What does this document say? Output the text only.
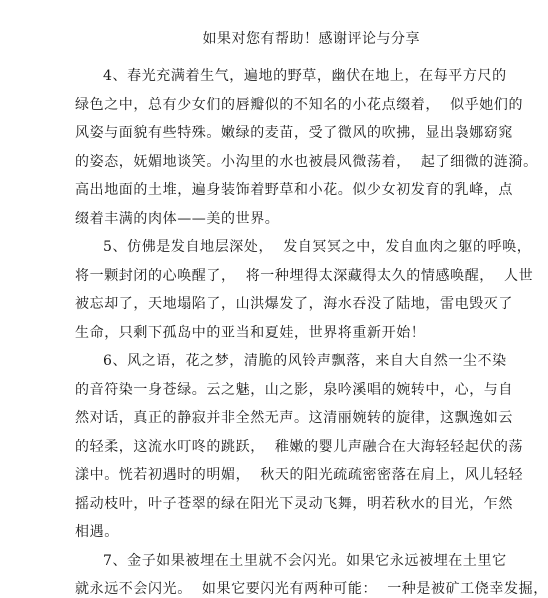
如果对您有帮助！感谢评论与分享
4、春光充满着生气，遍地的野草，幽伏在地上，在每平方尺的
绿色之中，总有少女们的唇瓣似的不知名的小花点缀着，  似乎她们的
风姿与面貌有些特殊。嫩绿的麦苗，受了微风的吹拂，显出袅娜窈窕
的姿态，妩媚地谈笑。小沟里的水也被晨风微荡着，  起了细微的涟漪。
高出地面的土堆，遍身装饰着野草和小花。似少女初发育的乳峰，点
缀着丰满的肉体——美的世界。
5、仿佛是发自地层深处，  发自冥冥之中，发自血肉之躯的呼唤，
将一颗封闭的心唤醒了，  将一种埋得太深藏得太久的情感唤醒，  人世
被忘却了，天地塌陷了，山洪爆发了，海水吞没了陆地，雷电毁灭了
生命，只剩下孤岛中的亚当和夏娃，世界将重新开始！
6、风之语，花之梦，清脆的风铃声飘落，来自大自然一尘不染
的音符染一身苍绿。云之魅，山之影，泉吟溪唱的婉转中，心，与自
然对话，真正的静寂并非全然无声。这清丽婉转的旋律，这飘逸如云
的轻柔，这流水叮咚的跳跃，  稚嫩的婴儿声融合在大海轻轻起伏的荡
漾中。恍若初遇时的明媚，  秋天的阳光疏疏密密落在肩上，风儿轻轻
摇动枝叶，叶子苍翠的绿在阳光下灵动飞舞，明若秋水的目光，乍然
相遇。
7、金子如果被埋在土里就不会闪光。如果它永远被埋在土里它
就永远不会闪光。  如果它要闪光有两种可能：  一种是被矿工侥幸发掘，
